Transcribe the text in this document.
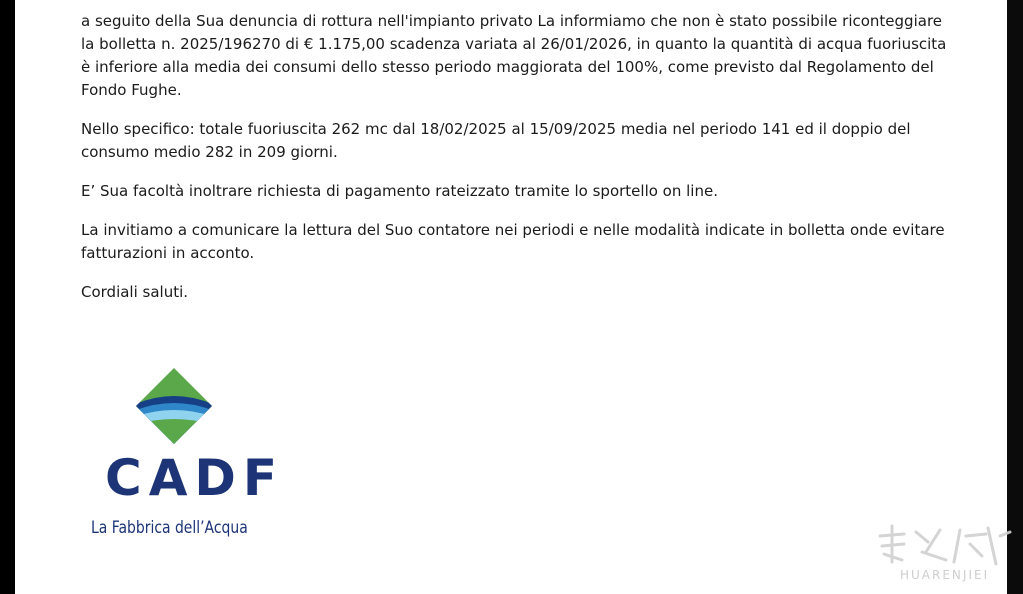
a seguito della Sua denuncia di rottura nell'impianto privato La informiamo che non è stato possibile riconteggiare
la bolletta n. 2025/196270 di € 1.175,00 scadenza variata al 26/01/2026, in quanto la quantità di acqua fuoriuscita
è inferiore alla media dei consumi dello stesso periodo maggiorata del 100%, come previsto dal Regolamento del
Fondo Fughe.

Nello specifico: totale fuoriuscita 262 mc dal 18/02/2025 al 15/09/2025 media nel periodo 141 ed il doppio del
consumo medio 282 in 209 giorni.

E’ Sua facoltà inoltrare richiesta di pagamento rateizzato tramite lo sportello on line.

La invitiamo a comunicare la lettura del Suo contatore nei periodi e nelle modalità indicate in bolletta onde evitare
fatturazioni in acconto.

Cordiali saluti.

CADF
La Fabbrica dell’Acqua
HUARENJIEI
